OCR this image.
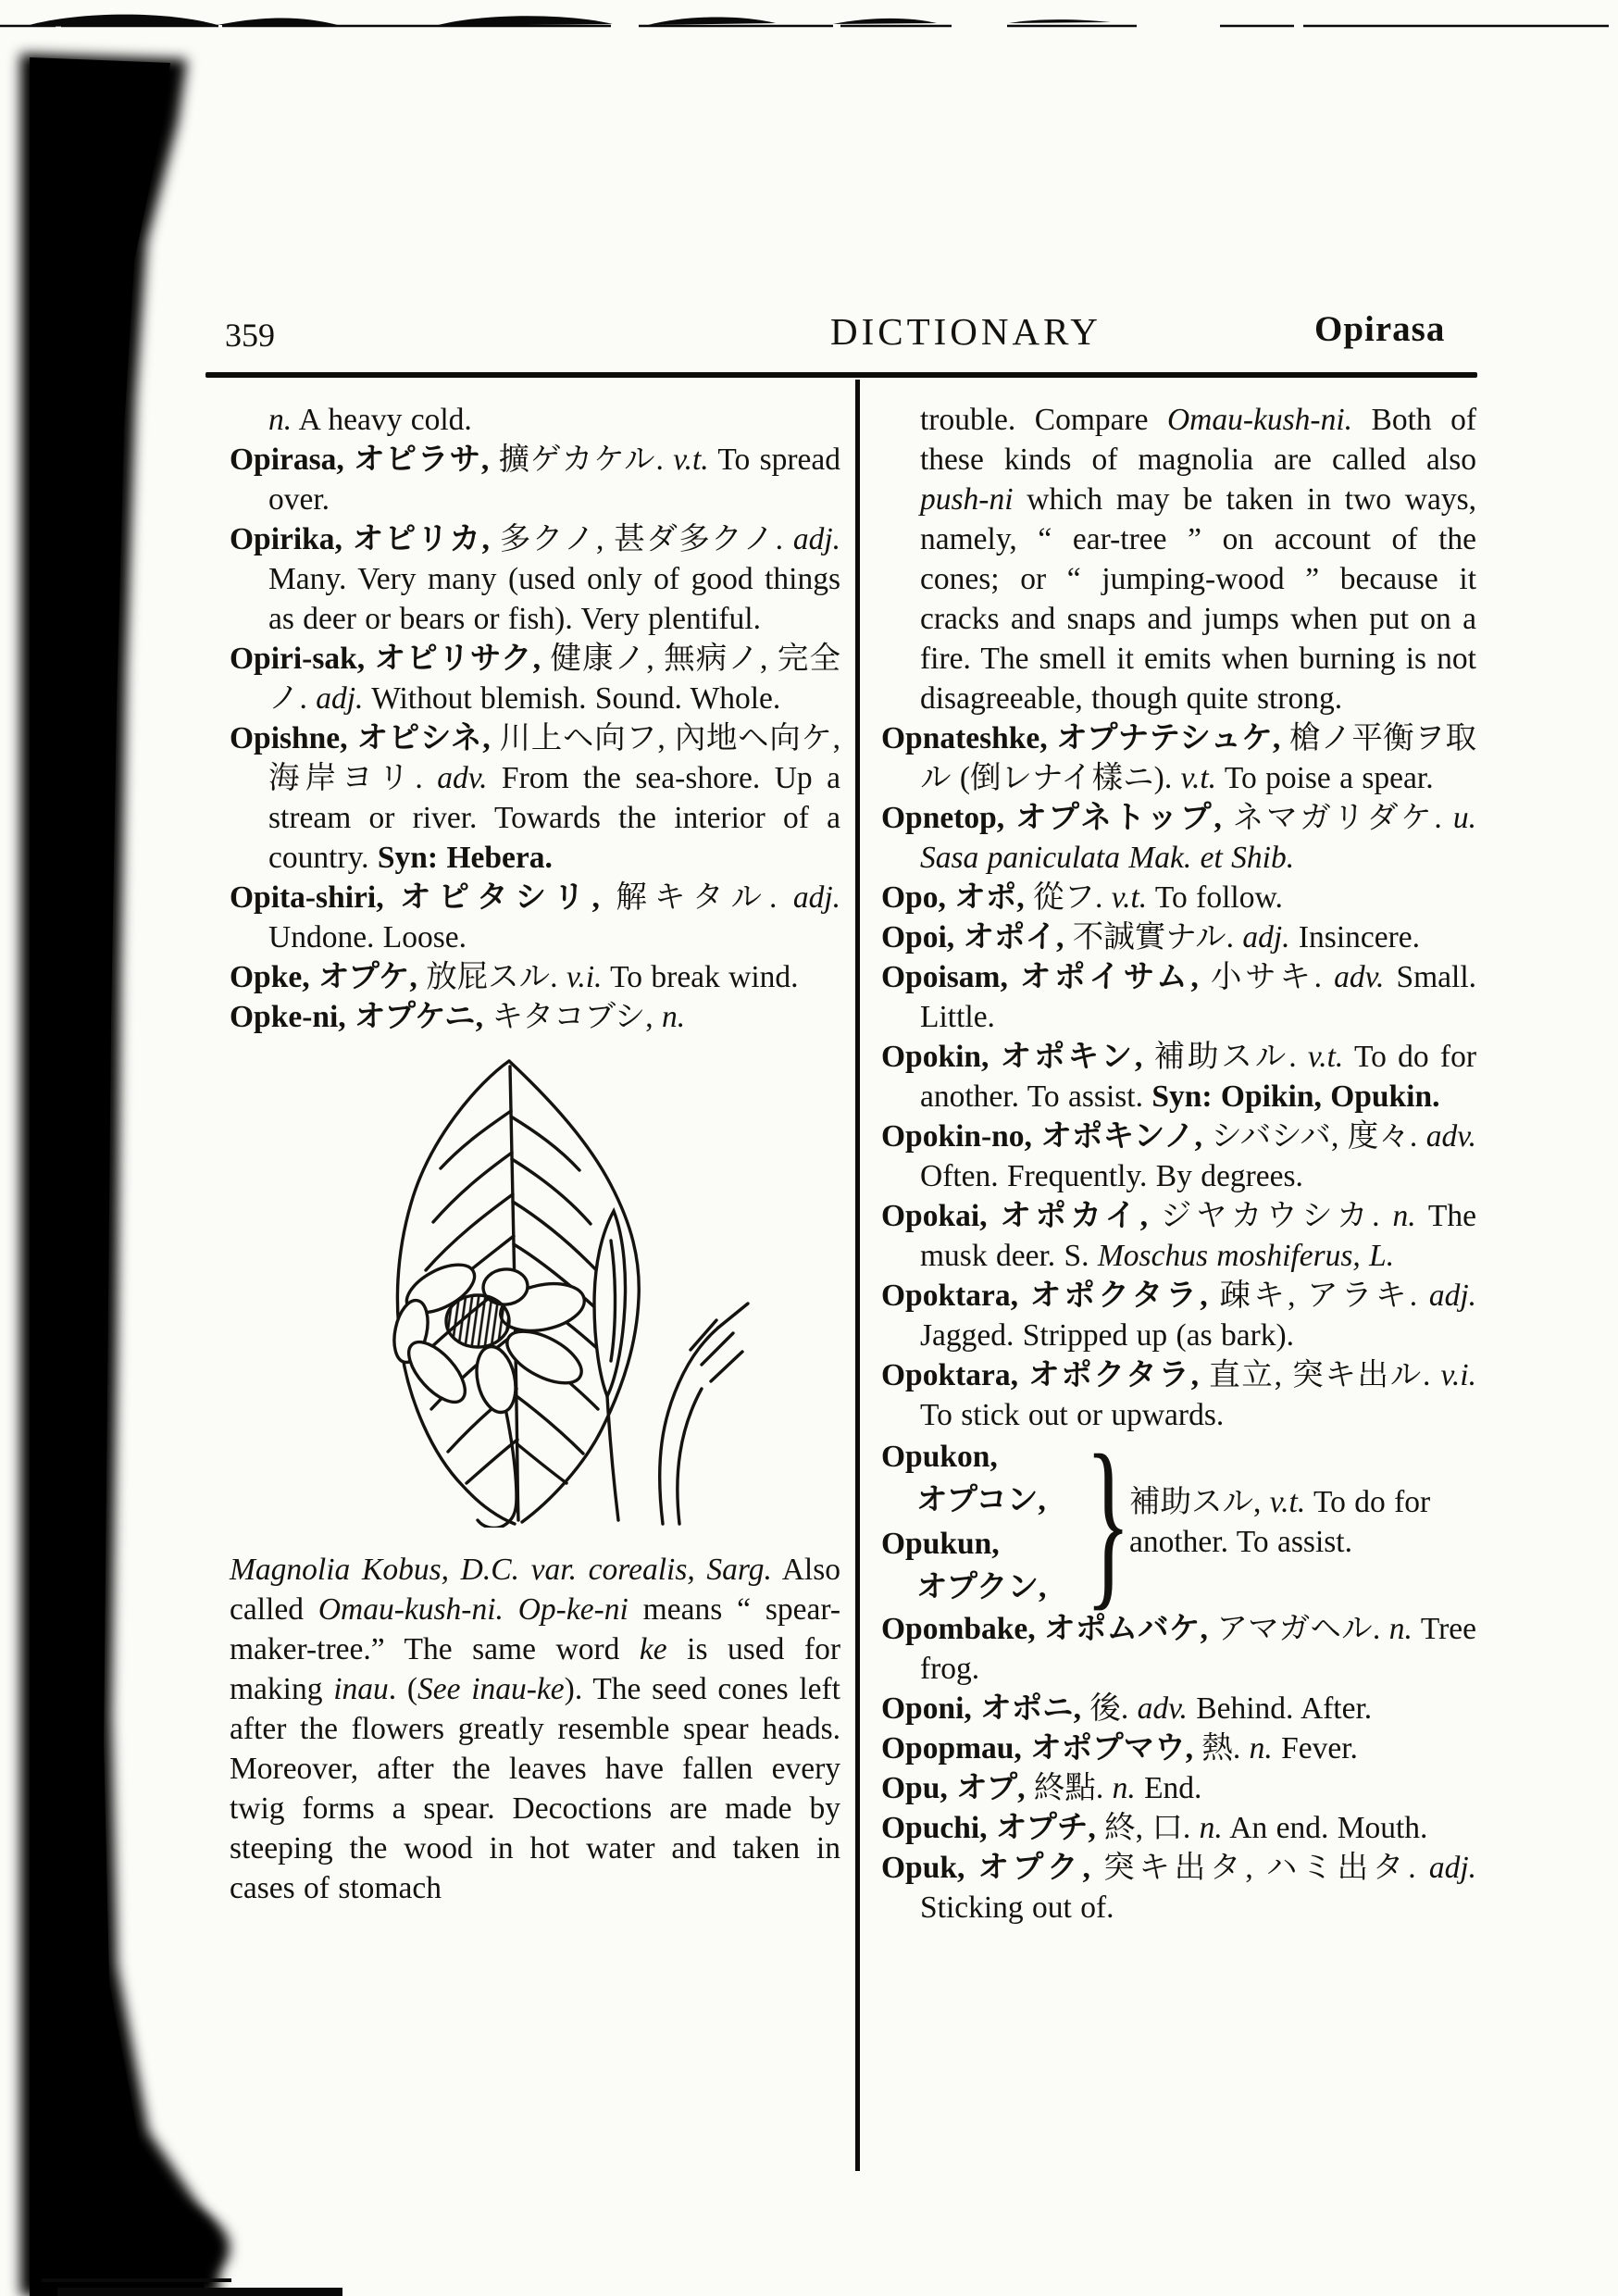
359	DICTIONARY	Opirasa
n. A heavy cold.
Opirasa, オピラサ, 擴ゲカケル. v.t. To spread over.
Opirika, オピリカ, 多クノ, 甚ダ多クノ. adj. Many. Very many (used only of good things as deer or bears or fish). Very plentiful.
Opiri-sak, オピリサク, 健康ノ, 無病ノ, 完全ノ. adj. Without blemish. Sound. Whole.
Opishne, オピシネ, 川上ヘ向フ, 內地ヘ向ケ, 海岸ヨリ. adv. From the sea-shore. Up a stream or river. Towards the interior of a country. Syn: Hebera.
Opita-shiri, オピタシリ, 解キタル. adj. Undone. Loose.
Opke, オプケ, 放屁スル. v.i. To break wind.
Opke-ni, オプケニ, キタコブシ, n.
Magnolia Kobus, D.C. var. corealis, Sarg. Also called Omau-kush-ni. Op-ke-ni means “ spear-maker-tree.” The same word ke is used for making inau. (See inau-ke). The seed cones left after the flowers greatly resemble spear heads. Moreover, after the leaves have fallen every twig forms a spear. Decoctions are made by steeping the wood in hot water and taken in cases of stomach
trouble. Compare Omau-kush-ni. Both of these kinds of magnolia are called also push-ni which may be taken in two ways, namely, “ ear-tree ” on account of the cones; or “ jumping-wood ” because it cracks and snaps and jumps when put on a fire. The smell it emits when burning is not disagreeable, though quite strong.
Opnateshke, オプナテシュケ, 槍ノ平衡ヲ取ル (倒レナイ樣ニ). v.t. To poise a spear.
Opnetop, オプネトップ, ネマガリダケ. u. Sasa paniculata Mak. et Shib.
Opo, オポ, 從フ. v.t. To follow.
Opoi, オポイ, 不誠實ナル. adj. Insincere.
Opoisam, オポイサム, 小サキ. adv. Small. Little.
Opokin, オポキン, 補助スル. v.t. To do for another. To assist. Syn: Opikin, Opukin.
Opokin-no, オポキンノ, シバシバ, 度々. adv. Often. Frequently. By degrees.
Opokai, オポカイ, ジヤカウシカ. n. The musk deer. S. Moschus moshiferus, L.
Opoktara, オポクタラ, 疎キ, アラキ. adj. Jagged. Stripped up (as bark).
Opoktara, オポクタラ, 直立, 突キ出ル. v.i. To stick out or upwards.
Opukon,
オプコン,
Opukun,
オプクン, }
補助スル, v.t. To do for another. To assist.
Opombake, オポムバケ, アマガヘル. n. Tree frog.
Oponi, オポニ, 後. adv. Behind. After.
Opopmau, オポプマウ, 熱. n. Fever.
Opu, オプ, 終點. n. End.
Opuchi, オプチ, 終, 口. n. An end. Mouth.
Opuk, オプク, 突キ出タ, ハミ出タ. adj. Sticking out of.
